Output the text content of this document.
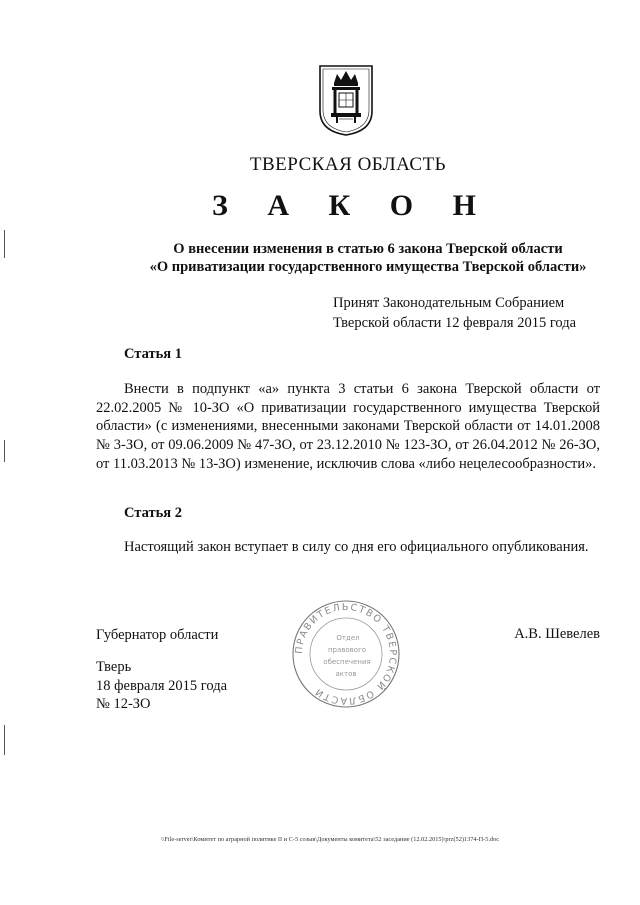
ТВЕРСКАЯ ОБЛАСТЬ
З А К О Н
О внесении изменения в статью 6 закона Тверской области
«О приватизации государственного имущества Тверской области»
Принят Законодательным Собранием
Тверской области 12 февраля 2015 года
Статья 1
Внести в подпункт «а» пункта 3 статьи 6 закона Тверской области от 22.02.2005 № 10-ЗО «О приватизации государственного имущества Тверской области» (с изменениями, внесенными законами Тверской области от 14.01.2008 № 3-ЗО, от 09.06.2009 № 47-ЗО, от 23.12.2010 № 123-ЗО, от 26.04.2012 № 26-ЗО, от 11.03.2013 № 13-ЗО) изменение, исключив слова «либо нецелесообразности».
Статья 2
Настоящий закон вступает в силу со дня его официального опубликования.
Губернатор области	А.В. Шевелев
Тверь
18 февраля 2015 года
№ 12-ЗО
ПРАВИТЕЛЬСТВО ТВЕРСКОЙ ОБЛАСТИ
Отдел
правового
обеспечения
актов
\\File-server\Комитет по аграрной политике II и С-5 созыв\Документы комитета\52 заседание (12.02.2015)\prz(52)1374-П-5.doc
